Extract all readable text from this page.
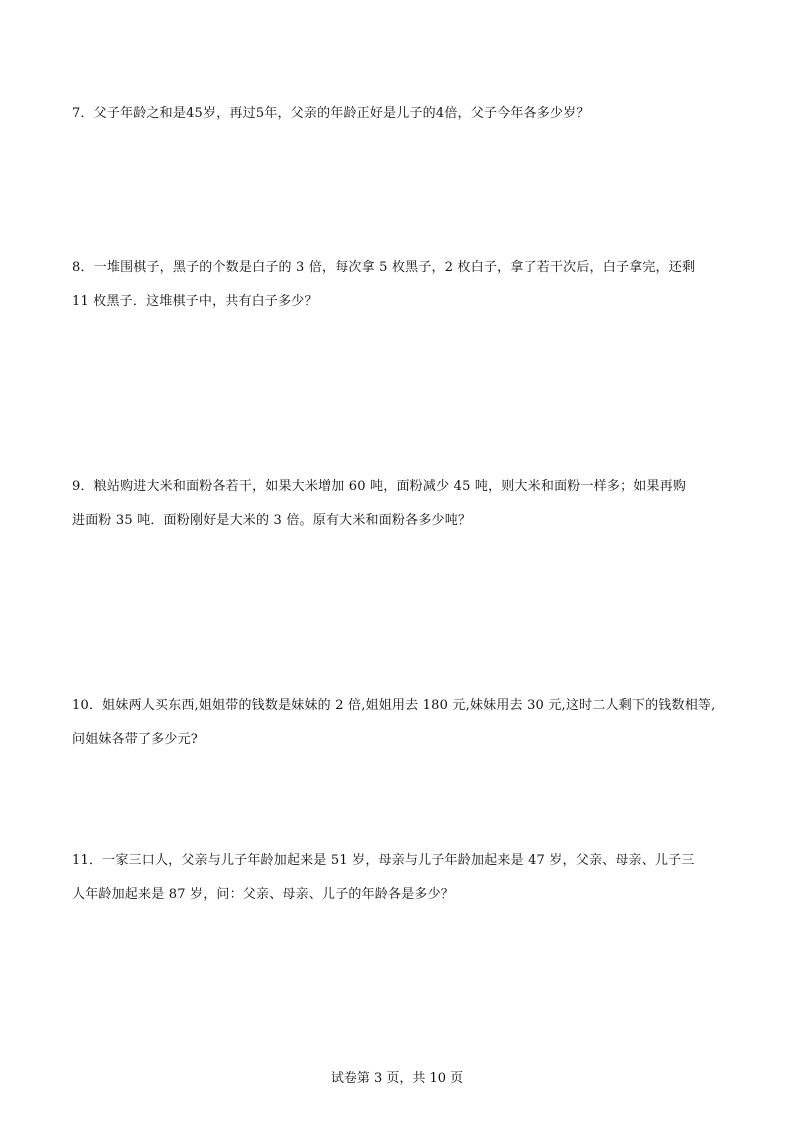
7．父子年龄之和是45岁，再过5年，父亲的年龄正好是儿子的4倍，父子今年各多少岁？
8．一堆围棋子，黑子的个数是白子的 3 倍，每次拿 5 枚黑子，2 枚白子，拿了若干次后，白子拿完，还剩
11 枚黑子．这堆棋子中，共有白子多少？
9．粮站购进大米和面粉各若干，如果大米增加 60 吨，面粉减少 45 吨，则大米和面粉一样多；如果再购
进面粉 35 吨．面粉刚好是大米的 3 倍。原有大米和面粉各多少吨？
10．姐妹两人买东西,姐姐带的钱数是妹妹的 2 倍,姐姐用去 180 元,妹妹用去 30 元,这时二人剩下的钱数相等,
问姐妹各带了多少元?
11．一家三口人，父亲与儿子年龄加起来是 51 岁，母亲与儿子年龄加起来是 47 岁，父亲、母亲、儿子三
人年龄加起来是 87 岁，问：父亲、母亲、儿子的年龄各是多少？
试卷第 3 页，共 10 页
